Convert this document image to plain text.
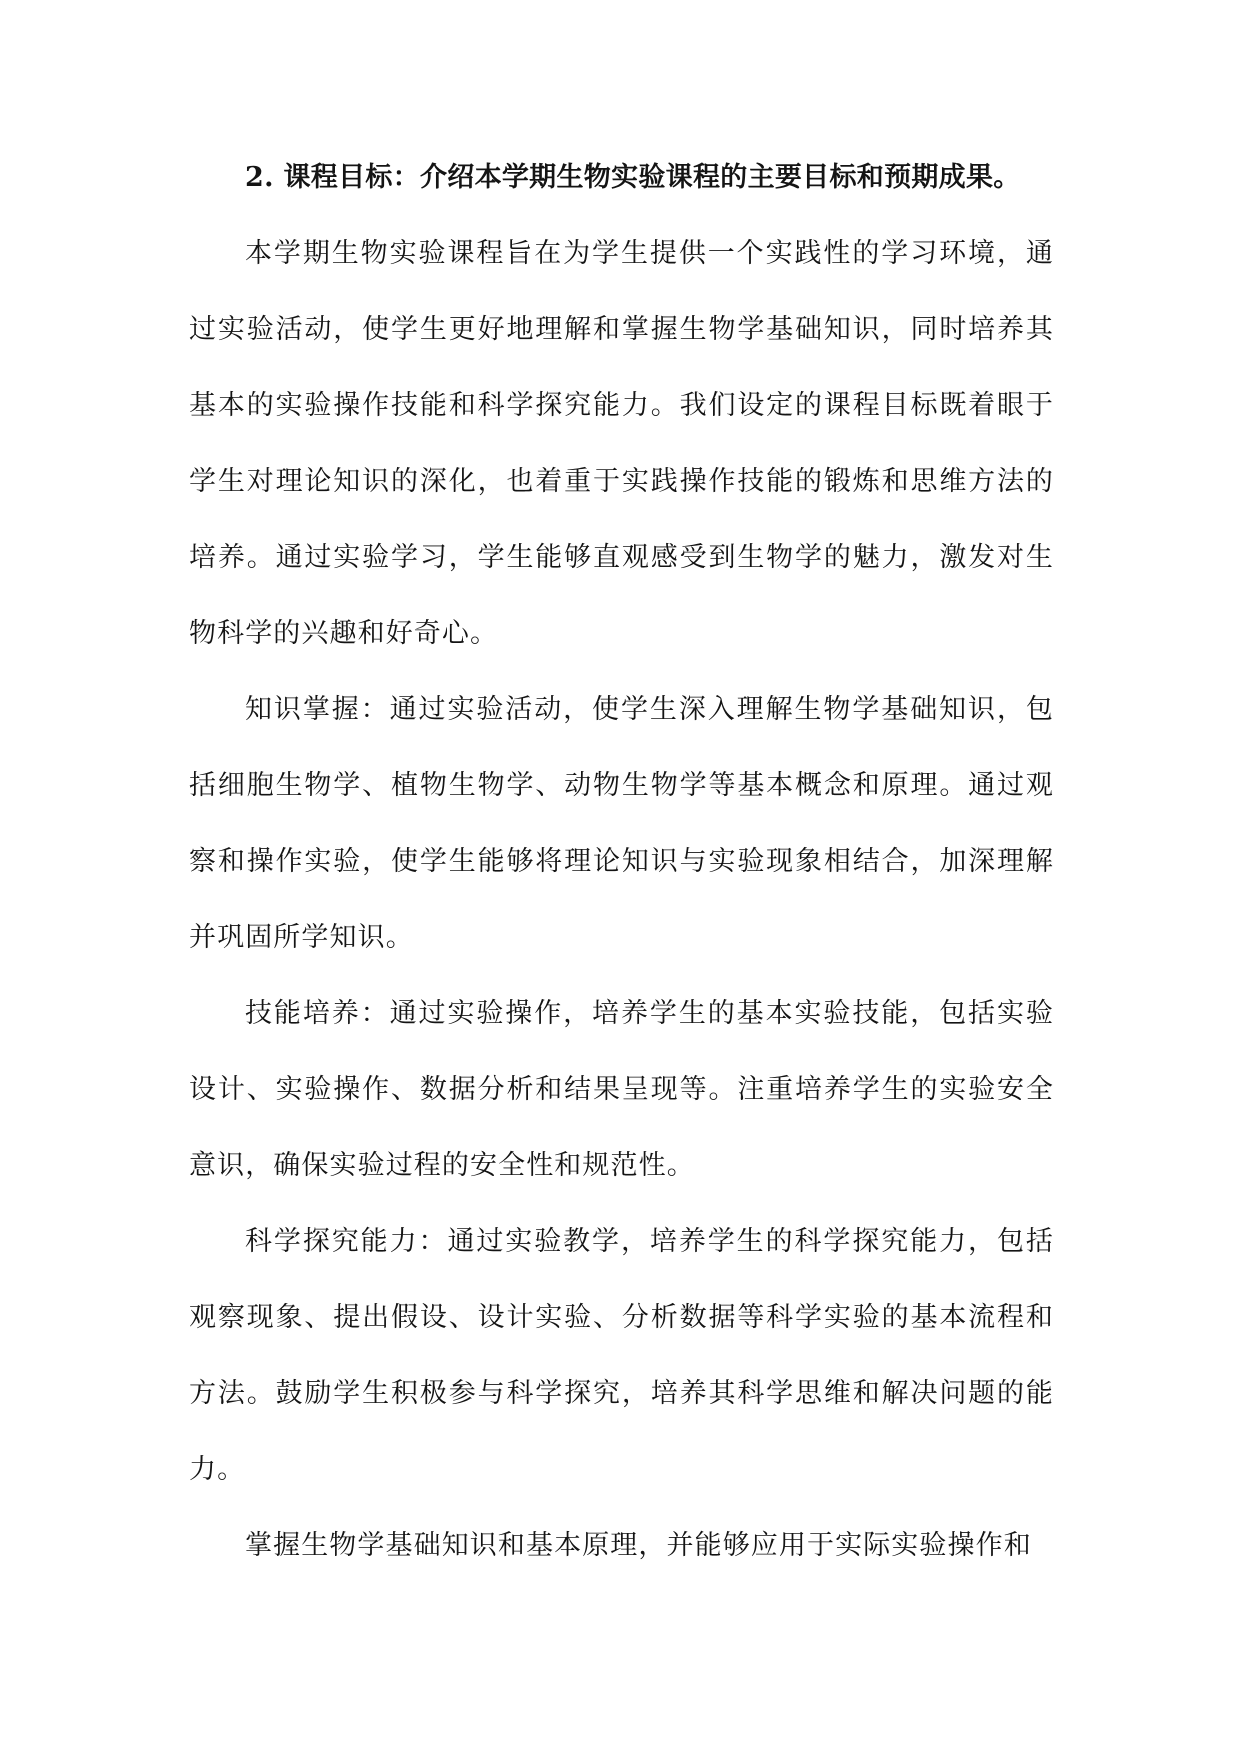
2. 课程目标：介绍本学期生物实验课程的主要目标和预期成果。

本学期生物实验课程旨在为学生提供一个实践性的学习环境，通过实验活动，使学生更好地理解和掌握生物学基础知识，同时培养其基本的实验操作技能和科学探究能力。我们设定的课程目标既着眼于学生对理论知识的深化，也着重于实践操作技能的锻炼和思维方法的培养。通过实验学习，学生能够直观感受到生物学的魅力，激发对生物科学的兴趣和好奇心。

知识掌握：通过实验活动，使学生深入理解生物学基础知识，包括细胞生物学、植物生物学、动物生物学等基本概念和原理。通过观察和操作实验，使学生能够将理论知识与实验现象相结合，加深理解并巩固所学知识。

技能培养：通过实验操作，培养学生的基本实验技能，包括实验设计、实验操作、数据分析和结果呈现等。注重培养学生的实验安全意识，确保实验过程的安全性和规范性。

科学探究能力：通过实验教学，培养学生的科学探究能力，包括观察现象、提出假设、设计实验、分析数据等科学实验的基本流程和方法。鼓励学生积极参与科学探究，培养其科学思维和解决问题的能力。

掌握生物学基础知识和基本原理，并能够应用于实际实验操作和
